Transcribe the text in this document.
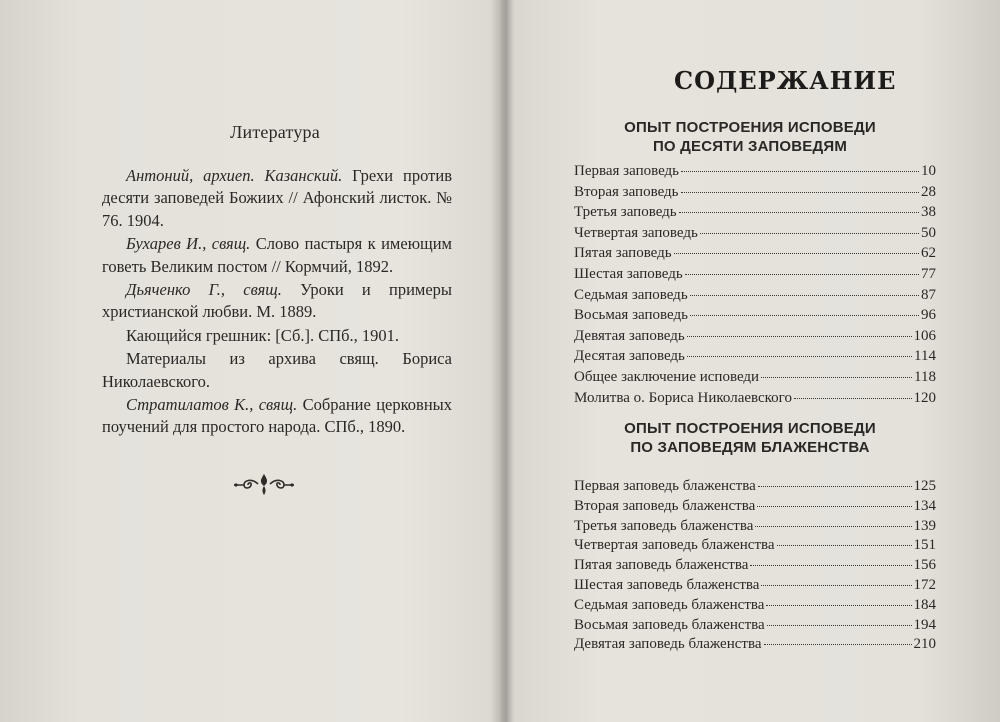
Литература

Антоний, архиеп. Казанский. Грехи против десяти заповедей Божиих // Афонский листок. № 76. 1904.

Бухарев И., свящ. Слово пастыря к имеющим говеть Великим постом // Кормчий, 1892.

Дьяченко Г., свящ. Уроки и примеры христианской любви. М. 1889.

Кающийся грешник: [Сб.]. СПб., 1901.

Материалы из архива свящ. Бориса Николаевского.

Стратилатов К., свящ. Собрание церковных поучений для простого народа. СПб., 1890.

СОДЕРЖАНИЕ
ОПЫТ ПОСТРОЕНИЯ ИСПОВЕДИ
ПО ДЕСЯТИ ЗАПОВЕДЯМ
Первая заповедь	10
Вторая заповедь	28
Третья заповедь	38
Четвертая заповедь	50
Пятая заповедь	62
Шестая заповедь	77
Седьмая заповедь	87
Восьмая заповедь	96
Девятая заповедь	106
Десятая заповедь	114
Общее заключение исповеди	118
Молитва о. Бориса Николаевского	120
ОПЫТ ПОСТРОЕНИЯ ИСПОВЕДИ
ПО ЗАПОВЕДЯМ БЛАЖЕНСТВА
Первая заповедь блаженства	125
Вторая заповедь блаженства	134
Третья заповедь блаженства	139
Четвертая заповедь блаженства	151
Пятая заповедь блаженства	156
Шестая заповедь блаженства	172
Седьмая заповедь блаженства	184
Восьмая заповедь блаженства	194
Девятая заповедь блаженства	210
